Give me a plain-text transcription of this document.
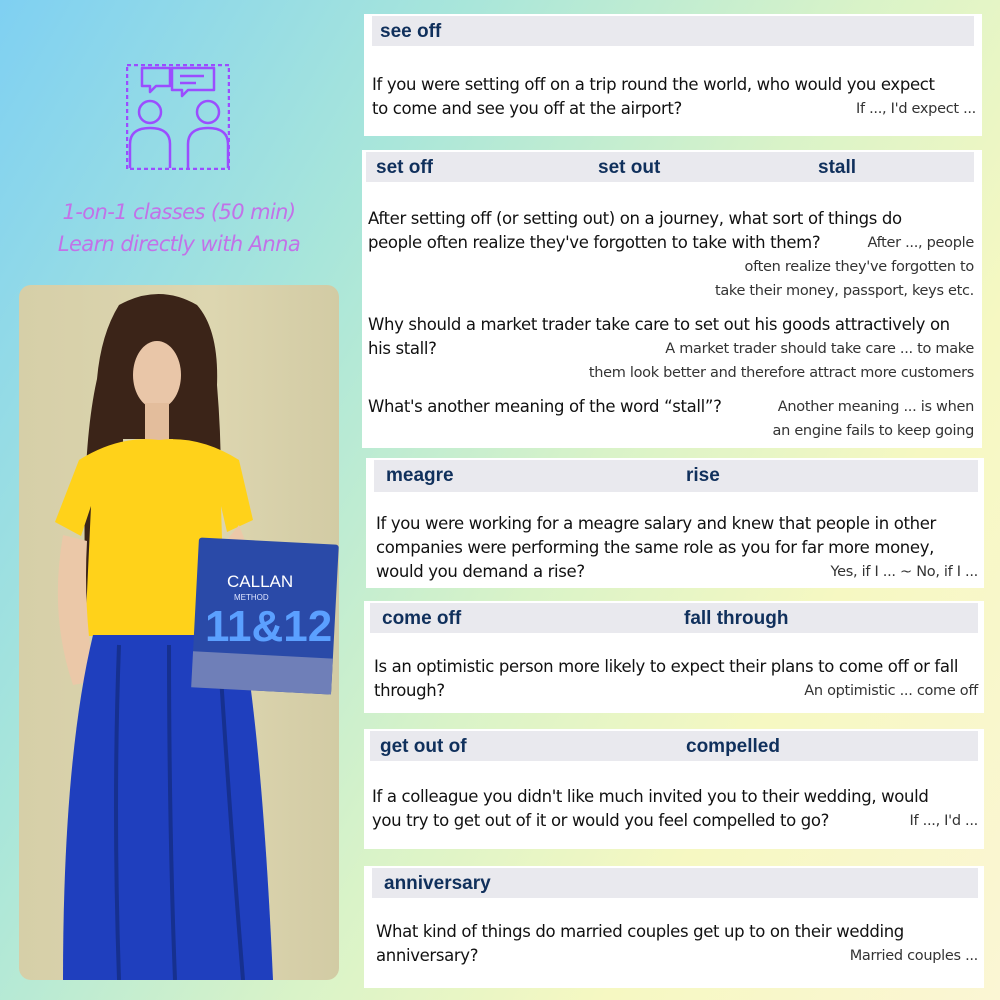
1-on-1 classes (50 min)

Learn directly with Anna

CALLAN
METHOD
11&12

see off

If you were setting off on a trip round the world, who would you expect

to come and see you off at the airport?	If ..., I'd expect ...

set off	set out	stall

After setting off (or setting out) on a journey, what sort of things do

people often realize they've forgotten to take with them?	After ..., people

often realize they've forgotten to

take their money, passport, keys etc.

Why should a market trader take care to set out his goods attractively on

his stall?	A market trader should take care ... to make

them look better and therefore attract more customers

What's another meaning of the word “stall”?	Another meaning ... is when

an engine fails to keep going

meagre	rise

If you were working for a meagre salary and knew that people in other

companies were performing the same role as you for far more money,

would you demand a rise?	Yes, if I ... ~ No, if I ...

come off	fall through

Is an optimistic person more likely to expect their plans to come off or fall

through?	An optimistic ... come off

get out of	compelled

If a colleague you didn't like much invited you to their wedding, would

you try to get out of it or would you feel compelled to go?	If ..., I'd ...

anniversary

What kind of things do married couples get up to on their wedding

anniversary?	Married couples ...
